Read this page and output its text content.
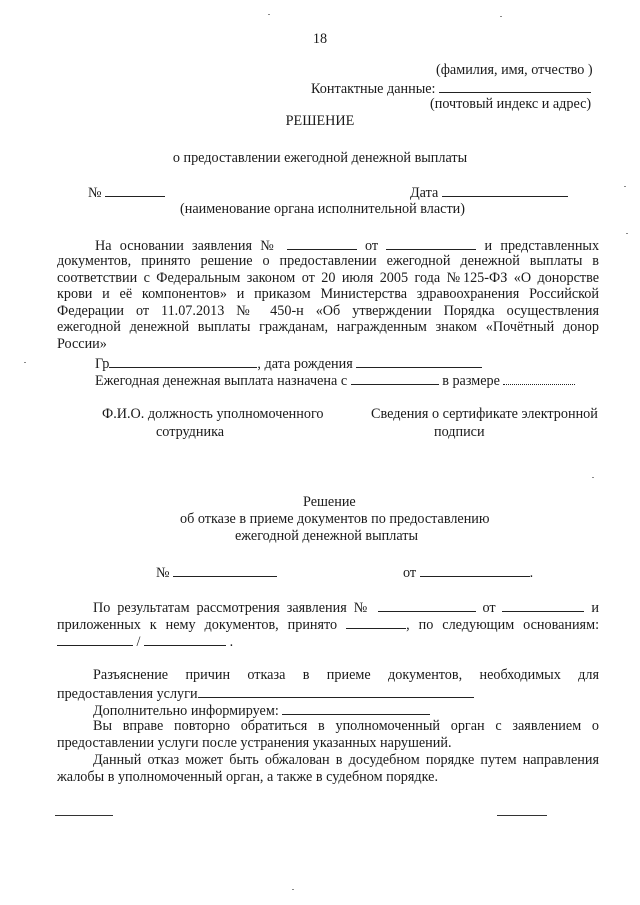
18
(фамилия, имя, отчество )
Контактные данные:
(почтовый индекс и адрес)
РЕШЕНИЕ
о предоставлении ежегодной денежной выплаты
№	Дата
(наименование органа исполнительной власти)
На основании заявления №	от	и представленных
документов, принято решение о предоставлении ежегодной денежной выплаты в
соответствии с Федеральным законом от 20 июля 2005 года №125-ФЗ «О донорстве
крови и её компонентов» и приказом Министерства здравоохранения Российской
Федерации от 11.07.2013 № 450-н «Об утверждении Порядка осуществления
ежегодной денежной выплаты гражданам, награжденным знаком «Почётный донор
России»
Гр	, дата рождения
Ежегодная денежная выплата назначена с	в размере
Ф.И.О. должность уполномоченного
сотрудника
Сведения о сертификате электронной
подписи
Решение
об отказе в приеме документов по предоставлению
ежегодной денежной выплаты
№	от	.
По результатам рассмотрения заявления №	от	и
приложенных к нему документов, принято	, по следующим основаниям:
/	.
Разъяснение причин отказа в приеме документов, необходимых для
предоставления услуги
Дополнительно информируем:
Вы вправе повторно обратиться в уполномоченный орган с заявлением о
предоставлении услуги после устранения указанных нарушений.
Данный отказ может быть обжалован в досудебном порядке путем направления
жалобы в уполномоченный орган, а также в судебном порядке.
